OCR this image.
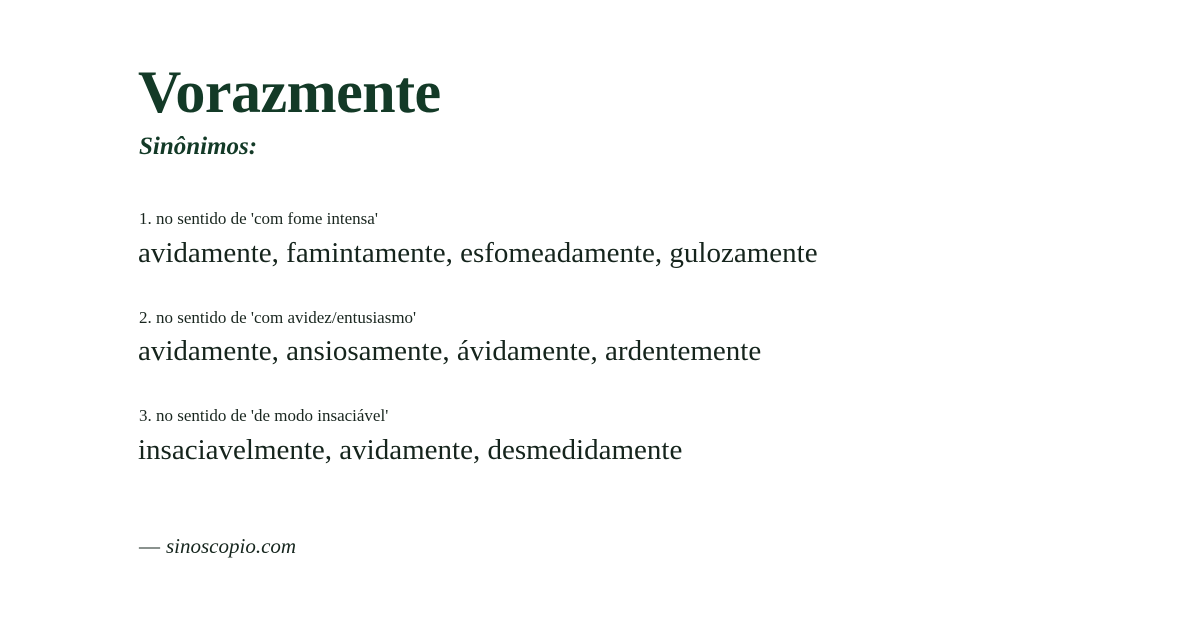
Vorazmente
Sinônimos:
1. no sentido de 'com fome intensa'
avidamente, famintamente, esfomeadamente, gulozamente
2. no sentido de 'com avidez/entusiasmo'
avidamente, ansiosamente, ávidamente, ardentemente
3. no sentido de 'de modo insaciável'
insaciavelmente, avidamente, desmedidamente
— sinoscopio.com
